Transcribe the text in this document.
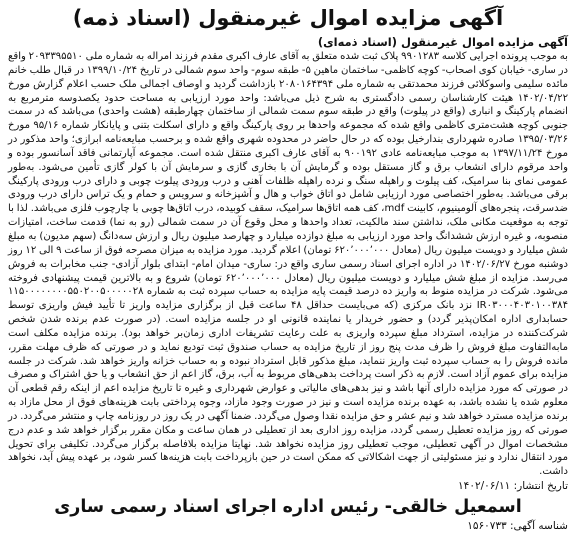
آگهی مزایده اموال غیرمنقول (اسناد ذمه)
آگهی مزایده اموال غیرمنقول (اسناد ذمه‌ای)

به موجب پرونده اجرایی کلاسه ۹۹۰۱۲۸۳ پلاک ثبت شده متعلق به آقای عارف اکبری مقدم فرزند امراله به شماره ملی ۲۰۹۳۳۹۵۵۱۰ واقع در ساری- خیابان کوی اصحاب- کوچه کاظمی- ساختمان ماهین ۵- طبقه سوم- واحد سوم شمالی در تاریخ ۱۳۹۹/۱۰/۲۴ در قبال طلب خانم مائده سلیمی واسوکلائی فرزند محمدتقی به شماره ملی ۲۰۸۰۱۶۴۳۹۴ بازداشت گردید و اوصاف اجمالی ملک حسب اعلام گزارش مورخ ۱۴۰۲/۰۴/۲۲ هیئت کارشناسان رسمی دادگستری به شرح ذیل می‌باشد: واحد مورد ارزیابی به مساحت حدود یکصدوسه مترمربع به انضمام پارکینگ و انباری (واقع در پیلوت) واقع در طبقه سوم سمت شمالی از ساختمان چهارطبقه (هشت واحدی) می‌باشد که در سمت جنوبی کوچه هشت‌متری کاظمی واقع شده که مجموعه واحدها بر روی پارکینگ واقع و دارای اسکلت بتنی و پایانکار شماره ۹۵/۱۶ مورخ ۱۳۹۵/۰۳/۲۶ صادره شهرداری بندارخیل بوده که در حال حاضر در محدوده شهری واقع شده و برحسب مبایعه‌نامه ابرازی؛ واحد مذکور در مورخ ۱۳۹۷/۱۱/۲۴ به موجب مبایعه‌نامه عادی ۹۰۰۱۹۲ به آقای عارف اکبری منتقل شده است. مجموعه آپارتمانی فاقد آسانسور بوده و واحد مرقوم دارای انشعاب برق و گاز مستقل بوده و گرمایش آن با بخاری گازی و سرمایش آن با کولر گازی تأمین می‌شود. به‌طور عمومی نمای بنا سرامیک، کف پیلوت و راهپله سنگ و نرده راهپله ظلفات آهنی و درب ورودی پیلوت چوبی و دارای درب ورودی پارکینگ برقی می‌باشد. به‌طور اختصاصی مورد ارزیابی شامل دو اتاق خواب و هال و آشپزخانه و سرویس و حمام و یک تراس دارای درب ورودی ضدسرقت، پنجره‌های آلومینیوم، کابینت mdf، کف همه اتاق‌ها سرامیک، سقف کوبیده، درب اتاق‌ها چوبی با چارچوب فلزی می‌باشد. لذا با توجه به موقعیت مکانی ملک، نداشتن سند مالکیت، تعداد واحدها و محل وقوع آن در سمت شمالی (رو به نما) قدمت ساخت، امتیازات منصوبه، و غیره ارزش ششدانگ واحد مورد ارزیابی به مبلغ دوازده میلیارد و چهارصد میلیون ریال و ارزش سه‌دانگ (سهم مدیون) به مبلغ شش میلیارد و دویست میلیون ریال (معادل ۶۲۰٬۰۰۰٬۰۰۰ تومان) اعلام گردید. مورد مزایده به میزان مصرحه فوق از ساعت ۹ الی ۱۲ روز دوشنبه مورخ ۱۴۰۲/۰۶/۲۷ در اداره اجرای اسناد رسمی ساری واقع در: ساری- میدان امام- ابتدای بلوار آزادی- جنب مخابرات به فروش می‌رسد. مزایده از مبلغ شش میلیارد و دویست میلیون ریال (معادل ۶۲۰٬۰۰۰٬۰۰۰ تومان) شروع و به بالاترین قیمت پیشنهادی فروخته می‌شود. شرکت در مزایده منوط به واریز ده درصد قیمت پایه مزایده به حساب سپرده ثبت به شماره ۱۱۵۰۰۰۰۰۰۰۰۵۵۰۲۰۰۵۰۰۰۰۰۲۸ IR۰۳۰۰۰۴۰۳۰۱۰۰۳۸۴ نزد بانک مرکزی (که می‌بایست حداقل ۴۸ ساعت قبل از برگزاری مزایده واریز تا تأیید فیش واریزی توسط حسابداری اداره امکان‌پذیر گردد) و حضور خریدار یا نماینده قانونی او در جلسه مزایده است. (در صورت عدم برنده شدن شخص شرکت‌کننده در مزایده، استرداد مبلغ سپرده واریزی به علت رعایت تشریفات اداری زمان‌بر خواهد بود). برنده مزایده مکلف است مابه‌التفاوت مبلغ فروش را ظرف مدت پنج روز از تاریخ مزایده به حساب صندوق ثبت تودیع نماید و در صورتی که ظرف مهلت مقرر، مانده فروش را به حساب سپرده ثبت واریز ننماید، مبلغ مذکور قابل استرداد نبوده و به حساب خزانه واریز خواهد شد. شرکت در جلسه مزایده برای عموم آزاد است. لازم به ذکر است پرداخت بدهی‌های مربوط به آب، برق، گاز اعم از حق انشعاب و یا حق اشتراک و مصرف در صورتی که مورد مزایده دارای آنها باشد و نیز بدهی‌های مالیاتی و عوارض شهرداری و غیره تا تاریخ مزایده اعم از اینکه رقم قطعی آن معلوم شده یا نشده باشد، به عهده برنده مزایده است و نیز در صورت وجود مازاد، وجوه پرداختی بابت هزینه‌های فوق از محل مازاد به برنده مزایده مسترد خواهد شد و نیم عشر و حق مزایده نقدا وصول می‌گردد. ضمنا آگهی در یک روز در روزنامه چاپ و منتشر می‌گردد. در صورتی که روز مزایده تعطیل رسمی گردد، مزایده روز اداری بعد از تعطیلی در همان ساعت و مکان مقرر برگزار خواهد شد و عدم درج مشخصات اموال در آگهی تعطیلی، موجب تعطیلی روز مزایده نخواهد شد. نهایتا مزایده بلافاصله برگزار می‌گردد. تکلیفی برای تحویل مورد انتقال ندارد و نیز مسئولیتی از جهت اشکالاتی که ممکن است در حین بازپرداخت بابت هزینه‌ها کسر شود، بر عهده پیش آید، نخواهد داشت.

تاریخ انتشار: ۱۴۰۲/۰۶/۱۱

اسمعیل خالقی- رئیس اداره اجرای اسناد رسمی ساری

شناسه آگهی: ۱۵۶۰۷۳۳
